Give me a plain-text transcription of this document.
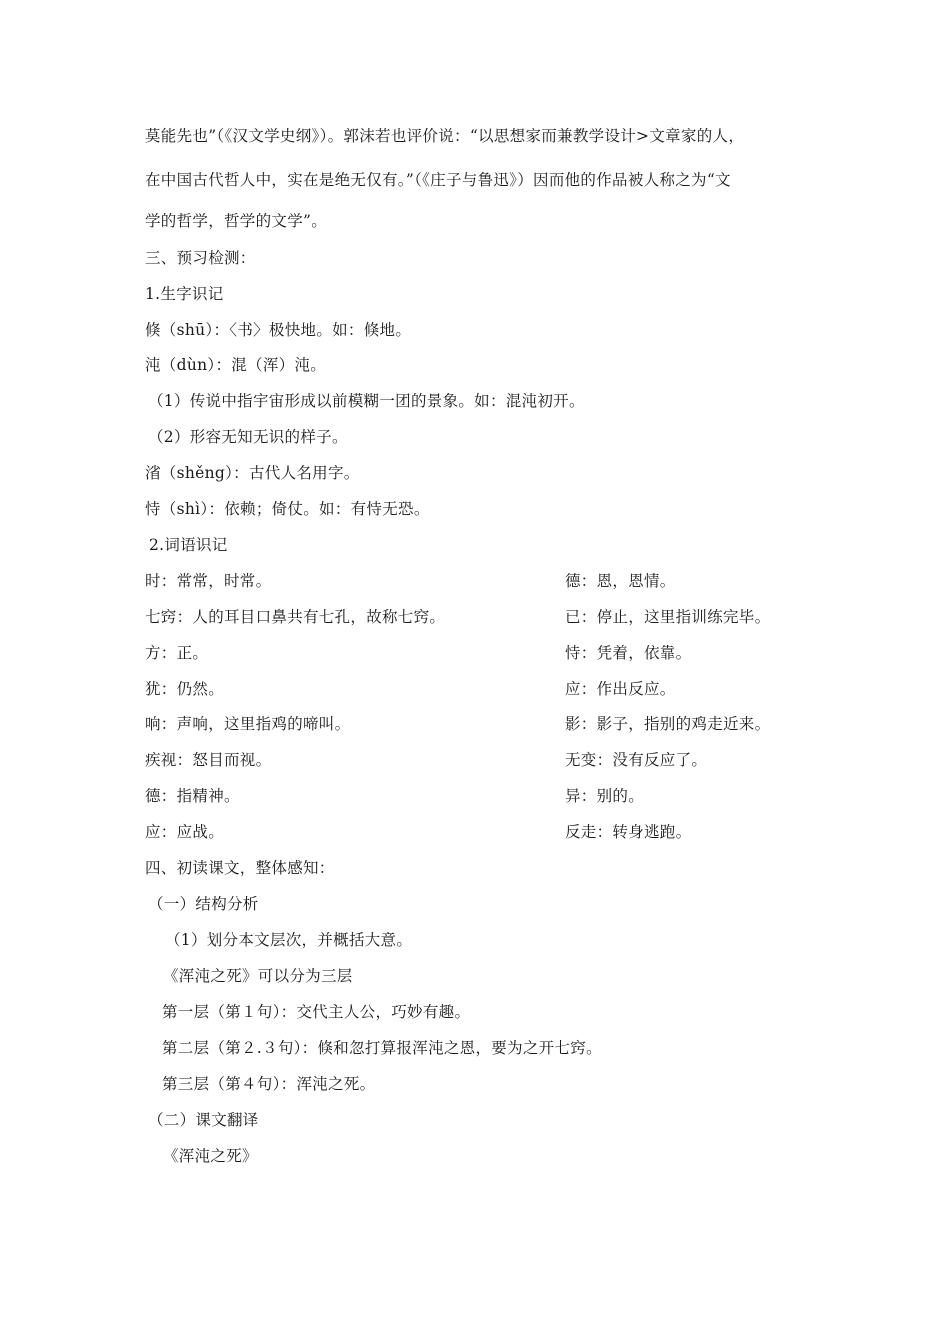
莫能先也”（《汉文学史纲》）。郭沫若也评价说：“以思想家而兼教学设计>文章家的人，
在中国古代哲人中，实在是绝无仅有。”（《庄子与鲁迅》）因而他的作品被人称之为“文
学的哲学，哲学的文学”。
三、预习检测：
1.生字识记
倏（shū）：〈书〉极快地。如：倏地。
沌（dùn）：混（浑）沌。
（1）传说中指宇宙形成以前模糊一团的景象。如：混沌初开。
（2）形容无知无识的样子。
渻（shěng）：古代人名用字。
恃（shì）：依赖；倚仗。如：有恃无恐。
2.词语识记
时：常常，时常。	德：恩，恩情。
七窍：人的耳目口鼻共有七孔，故称七窍。	已：停止，这里指训练完毕。
方：正。	恃：凭着，依靠。
犹：仍然。	应：作出反应。
响：声响，这里指鸡的啼叫。	影：影子，指别的鸡走近来。
疾视：怒目而视。	无变：没有反应了。
德：指精神。	异：别的。
应：应战。	反走：转身逃跑。
四、初读课文，整体感知：
（一）结构分析
（1）划分本文层次，并概括大意。
《浑沌之死》可以分为三层
第一层（第１句）：交代主人公，巧妙有趣。
第二层（第２.３句）：倏和忽打算报浑沌之恩，要为之开七窍。
第三层（第４句）：浑沌之死。
（二）课文翻译
《浑沌之死》
